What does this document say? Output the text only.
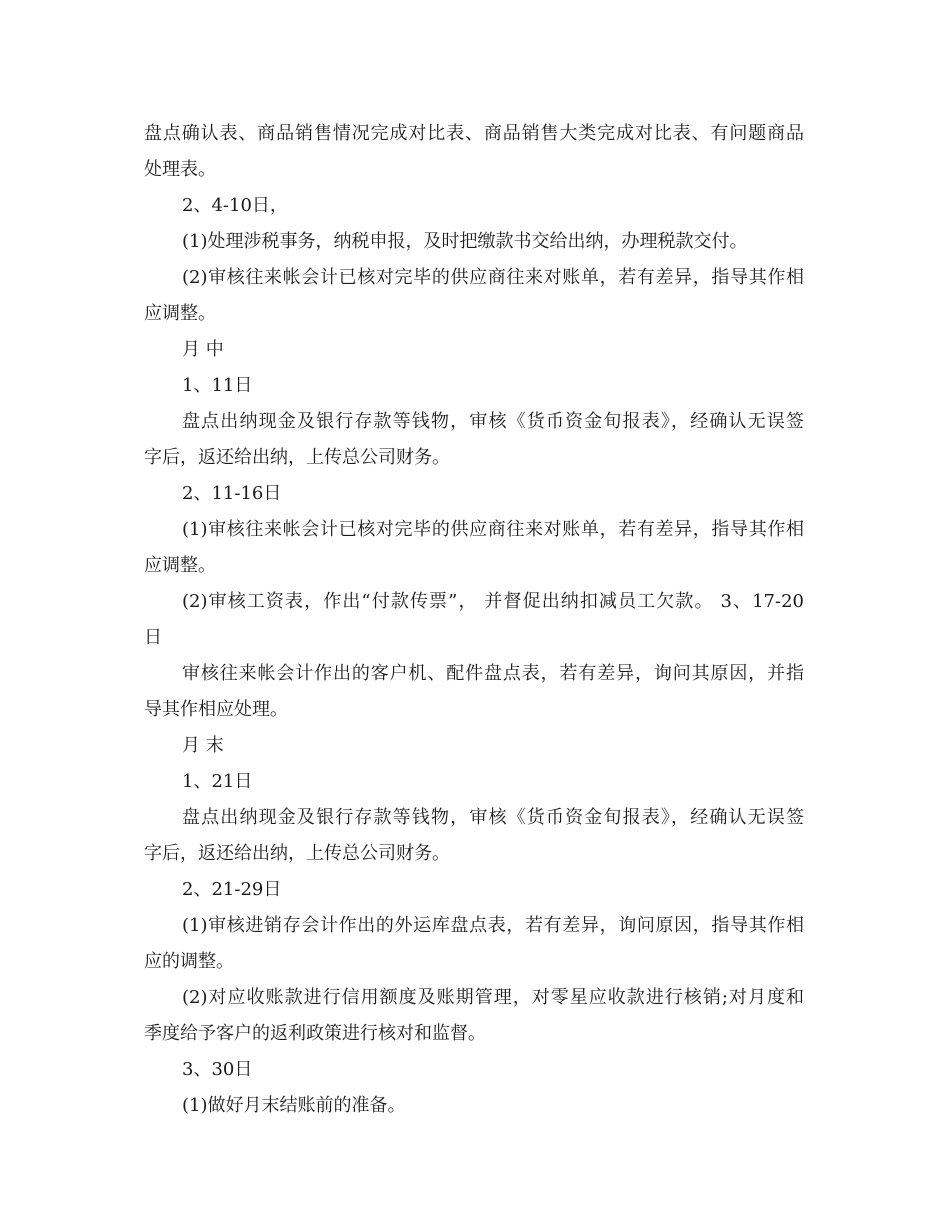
盘点确认表、商品销售情况完成对比表、商品销售大类完成对比表、有问题商品
处理表。
2、4-10日，
(1)处理涉税事务，纳税申报，及时把缴款书交给出纳，办理税款交付。
(2)审核往来帐会计已核对完毕的供应商往来对账单，若有差异，指导其作相
应调整。
月 中
1、11日
盘点出纳现金及银行存款等钱物，审核《货币资金旬报表》，经确认无误签
字后，返还给出纳，上传总公司财务。
2、11-16日
(1)审核往来帐会计已核对完毕的供应商往来对账单，若有差异，指导其作相
应调整。
(2)审核工资表，作出“付款传票”， 并督促出纳扣减员工欠款。 3、17-20
日
审核往来帐会计作出的客户机、配件盘点表，若有差异，询问其原因，并指
导其作相应处理。
月 末
1、21日
盘点出纳现金及银行存款等钱物，审核《货币资金旬报表》，经确认无误签
字后，返还给出纳，上传总公司财务。
2、21-29日
(1)审核进销存会计作出的外运库盘点表，若有差异，询问原因，指导其作相
应的调整。
(2)对应收账款进行信用额度及账期管理，对零星应收款进行核销;对月度和
季度给予客户的返利政策进行核对和监督。
3、30日
(1)做好月末结账前的准备。
